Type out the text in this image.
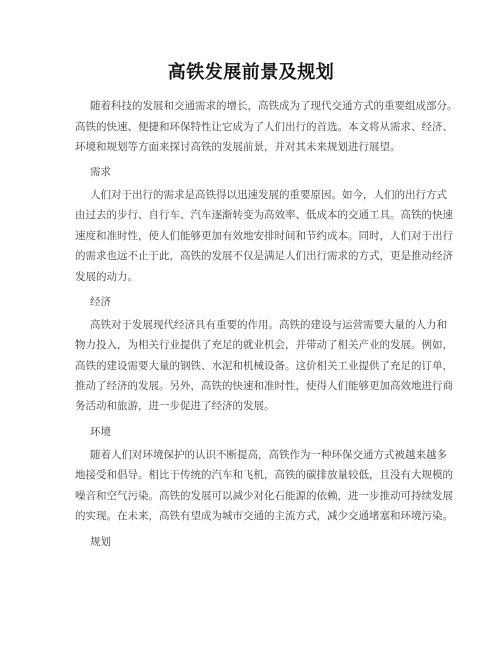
高铁发展前景及规划
随着科技的发展和交通需求的增长，高铁成为了现代交通方式的重要组成部分。
高铁的快速、便捷和环保特性让它成为了人们出行的首选。本文将从需求、经济、
环境和规划等方面来探讨高铁的发展前景，并对其未来规划进行展望。
需求
人们对于出行的需求是高铁得以迅速发展的重要原因。如今，人们的出行方式
由过去的步行、自行车、汽车逐渐转变为高效率、低成本的交通工具。高铁的快速
速度和准时性，使人们能够更加有效地安排时间和节约成本。同时，人们对于出行
的需求也远不止于此，高铁的发展不仅是满足人们出行需求的方式，更是推动经济
发展的动力。
经济
高铁对于发展现代经济具有重要的作用。高铁的建设与运营需要大量的人力和
物力投入，为相关行业提供了充足的就业机会，并带动了相关产业的发展。例如，
高铁的建设需要大量的钢铁、水泥和机械设备。这价相关工业提供了充足的订单，
推动了经济的发展。另外，高铁的快速和准时性，使得人们能够更加高效地进行商
务活动和旅游，进一步促进了经济的发展。
环境
随着人们对环境保护的认识不断提高，高铁作为一种环保交通方式被越来越多
地接受和倡导。相比于传统的汽车和飞机，高铁的碳排放量较低，且没有大规模的
噪音和空气污染。高铁的发展可以减少对化石能源的依赖，进一步推动可持续发展
的实现。在未来，高铁有望成为城市交通的主流方式，减少交通堵塞和环境污染。
规划
